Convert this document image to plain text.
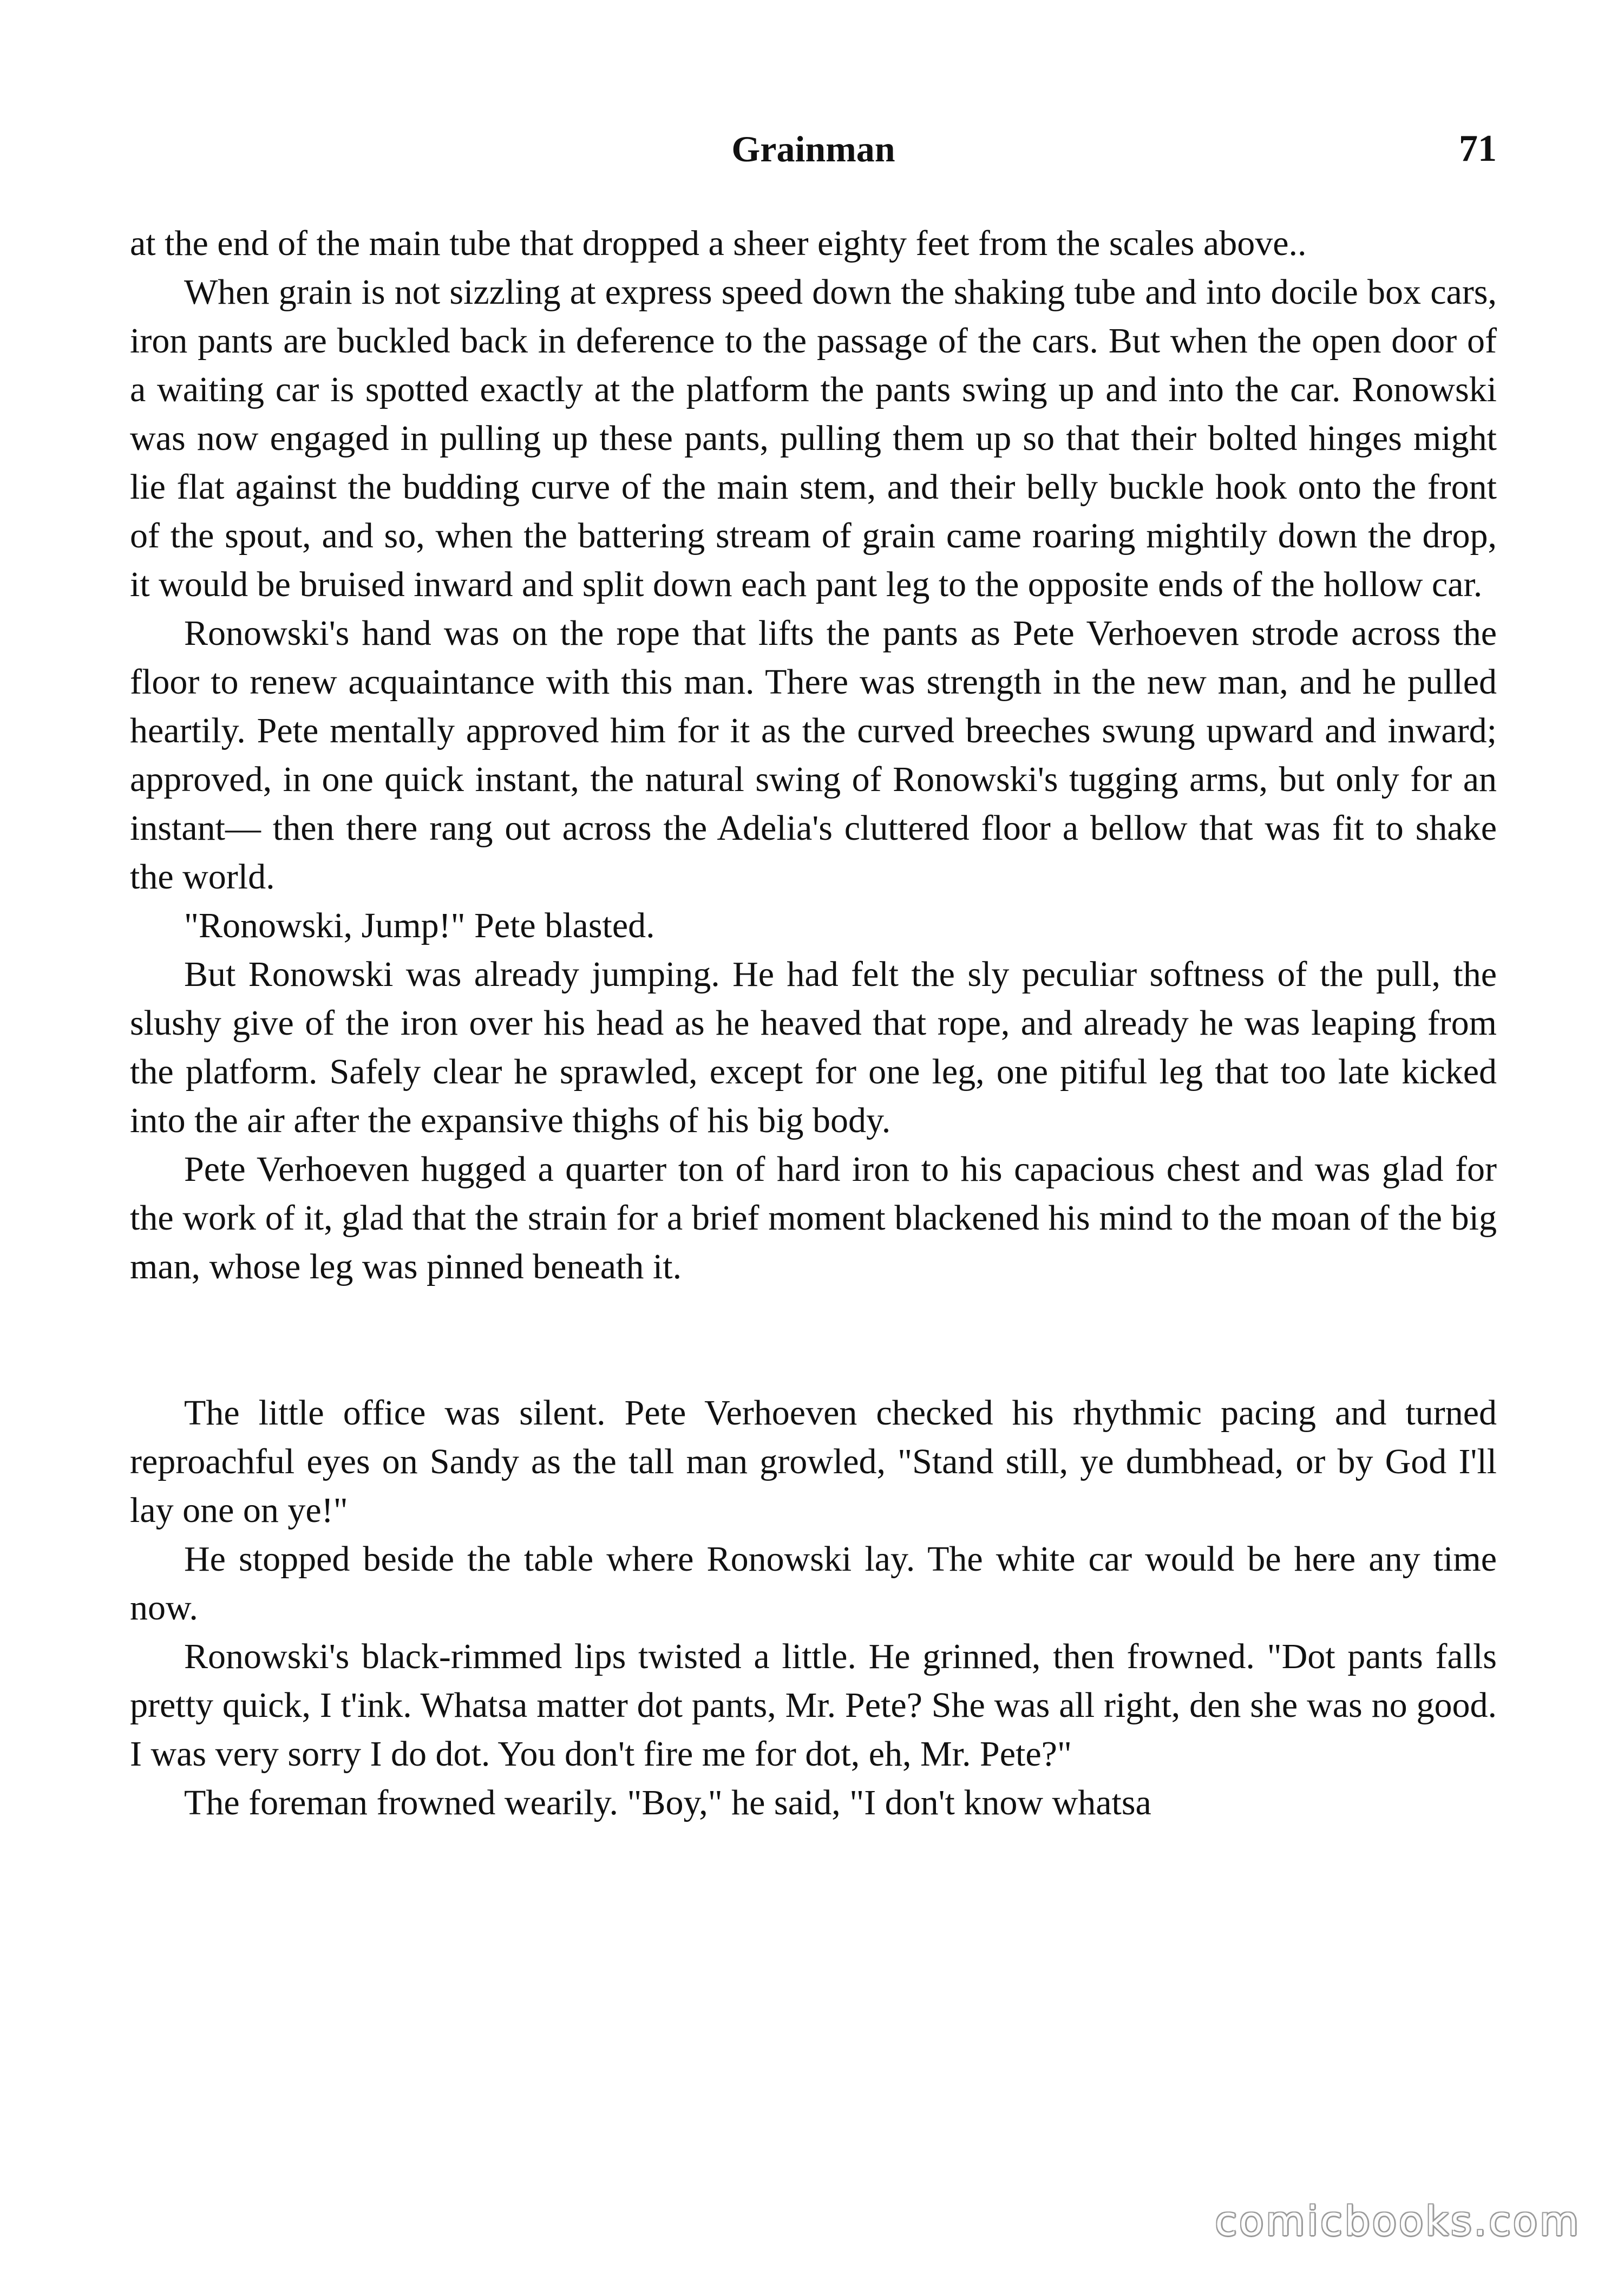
Grainman	71

at the end of the main tube that dropped a sheer eighty feet from the scales above..

When grain is not sizzling at express speed down the shaking tube and into docile box cars, iron pants are buckled back in deference to the passage of the cars. But when the open door of a waiting car is spotted exactly at the platform the pants swing up and into the car. Ronowski was now engaged in pulling up these pants, pulling them up so that their bolted hinges might lie flat against the budding curve of the main stem, and their belly buckle hook onto the front of the spout, and so, when the battering stream of grain came roaring mightily down the drop, it would be bruised inward and split down each pant leg to the opposite ends of the hollow car.

Ronowski's hand was on the rope that lifts the pants as Pete Verhoeven strode across the floor to renew acquaintance with this man. There was strength in the new man, and he pulled heartily. Pete mentally approved him for it as the curved breeches swung upward and inward; approved, in one quick instant, the natural swing of Ronowski's tugging arms, but only for an instant— then there rang out across the Adelia's cluttered floor a bellow that was fit to shake the world.

"Ronowski, Jump!" Pete blasted.

But Ronowski was already jumping. He had felt the sly peculiar softness of the pull, the slushy give of the iron over his head as he heaved that rope, and already he was leaping from the platform. Safely clear he sprawled, except for one leg, one pitiful leg that too late kicked into the air after the expansive thighs of his big body.

Pete Verhoeven hugged a quarter ton of hard iron to his capacious chest and was glad for the work of it, glad that the strain for a brief moment blackened his mind to the moan of the big man, whose leg was pinned beneath it.

The little office was silent. Pete Verhoeven checked his rhythmic pacing and turned reproachful eyes on Sandy as the tall man growled, "Stand still, ye dumbhead, or by God I'll lay one on ye!"

He stopped beside the table where Ronowski lay. The white car would be here any time now.

Ronowski's black-rimmed lips twisted a little. He grinned, then frowned. "Dot pants falls pretty quick, I t'ink. Whatsa matter dot pants, Mr. Pete? She was all right, den she was no good. I was very sorry I do dot. You don't fire me for dot, eh, Mr. Pete?"

The foreman frowned wearily. "Boy," he said, "I don't know whatsa

comicbooks.com
